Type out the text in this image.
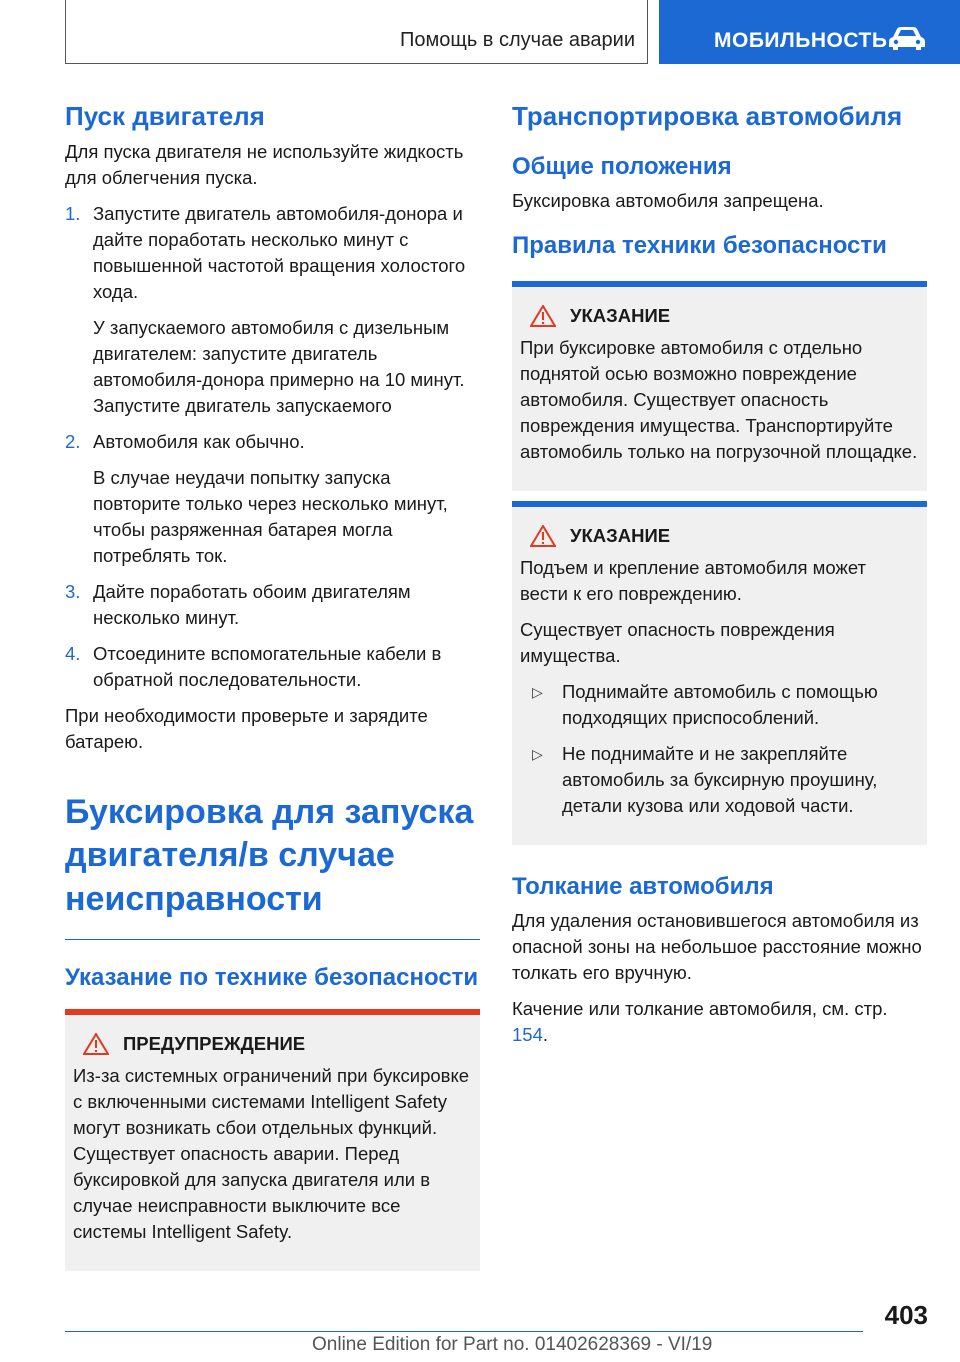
Помощь в случае аварии	МОБИЛЬНОСТЬ
Пуск двигателя

Для пуска двигателя не используйте жидкость для облегчения пуска.

1. Запустите двигатель автомобиля-донора и дайте поработать несколько минут с повышенной частотой вращения холостого хода.
У запускаемого автомобиля с дизельным двигателем: запустите двигатель автомобиля-донора примерно на 10 минут. Запустите двигатель запускаемого
2. Автомобиля как обычно.
В случае неудачи попытку запуска повторите только через несколько минут, чтобы разряженная батарея могла потреблять ток.
3. Дайте поработать обоим двигателям несколько минут.
4. Отсоедините вспомогательные кабели в обратной последовательности.

При необходимости проверьте и зарядите батарею.

Буксировка для запуска двигателя/в случае неисправности
Указание по технике безопасности
ПРЕДУПРЕЖДЕНИЕ

Из-за системных ограничений при буксировке с включенными системами Intelligent Safety могут возникать сбои отдельных функций. Существует опасность аварии. Перед буксировкой для запуска двигателя или в случае неисправности выключите все системы Intelligent Safety.

Транспортировка автомобиля
Общие положения

Буксировка автомобиля запрещена.

Правила техники безопасности
УКАЗАНИЕ

При буксировке автомобиля с отдельно поднятой осью возможно повреждение автомобиля. Существует опасность повреждения имущества. Транспортируйте автомобиль только на погрузочной площадке.

УКАЗАНИЕ

Подъем и крепление автомобиля может вести к его повреждению.

Существует опасность повреждения имущества.

▷	Поднимайте автомобиль с помощью подходящих приспособлений.
▷	Не поднимайте и не закрепляйте автомобиль за буксирную проушину, детали кузова или ходовой части.
Толкание автомобиля

Для удаления остановившегося автомобиля из опасной зоны на небольшое расстояние можно толкать его вручную.

Качение или толкание автомобиля, см. стр. 154.

403
Online Edition for Part no. 01402628369 - VI/19
